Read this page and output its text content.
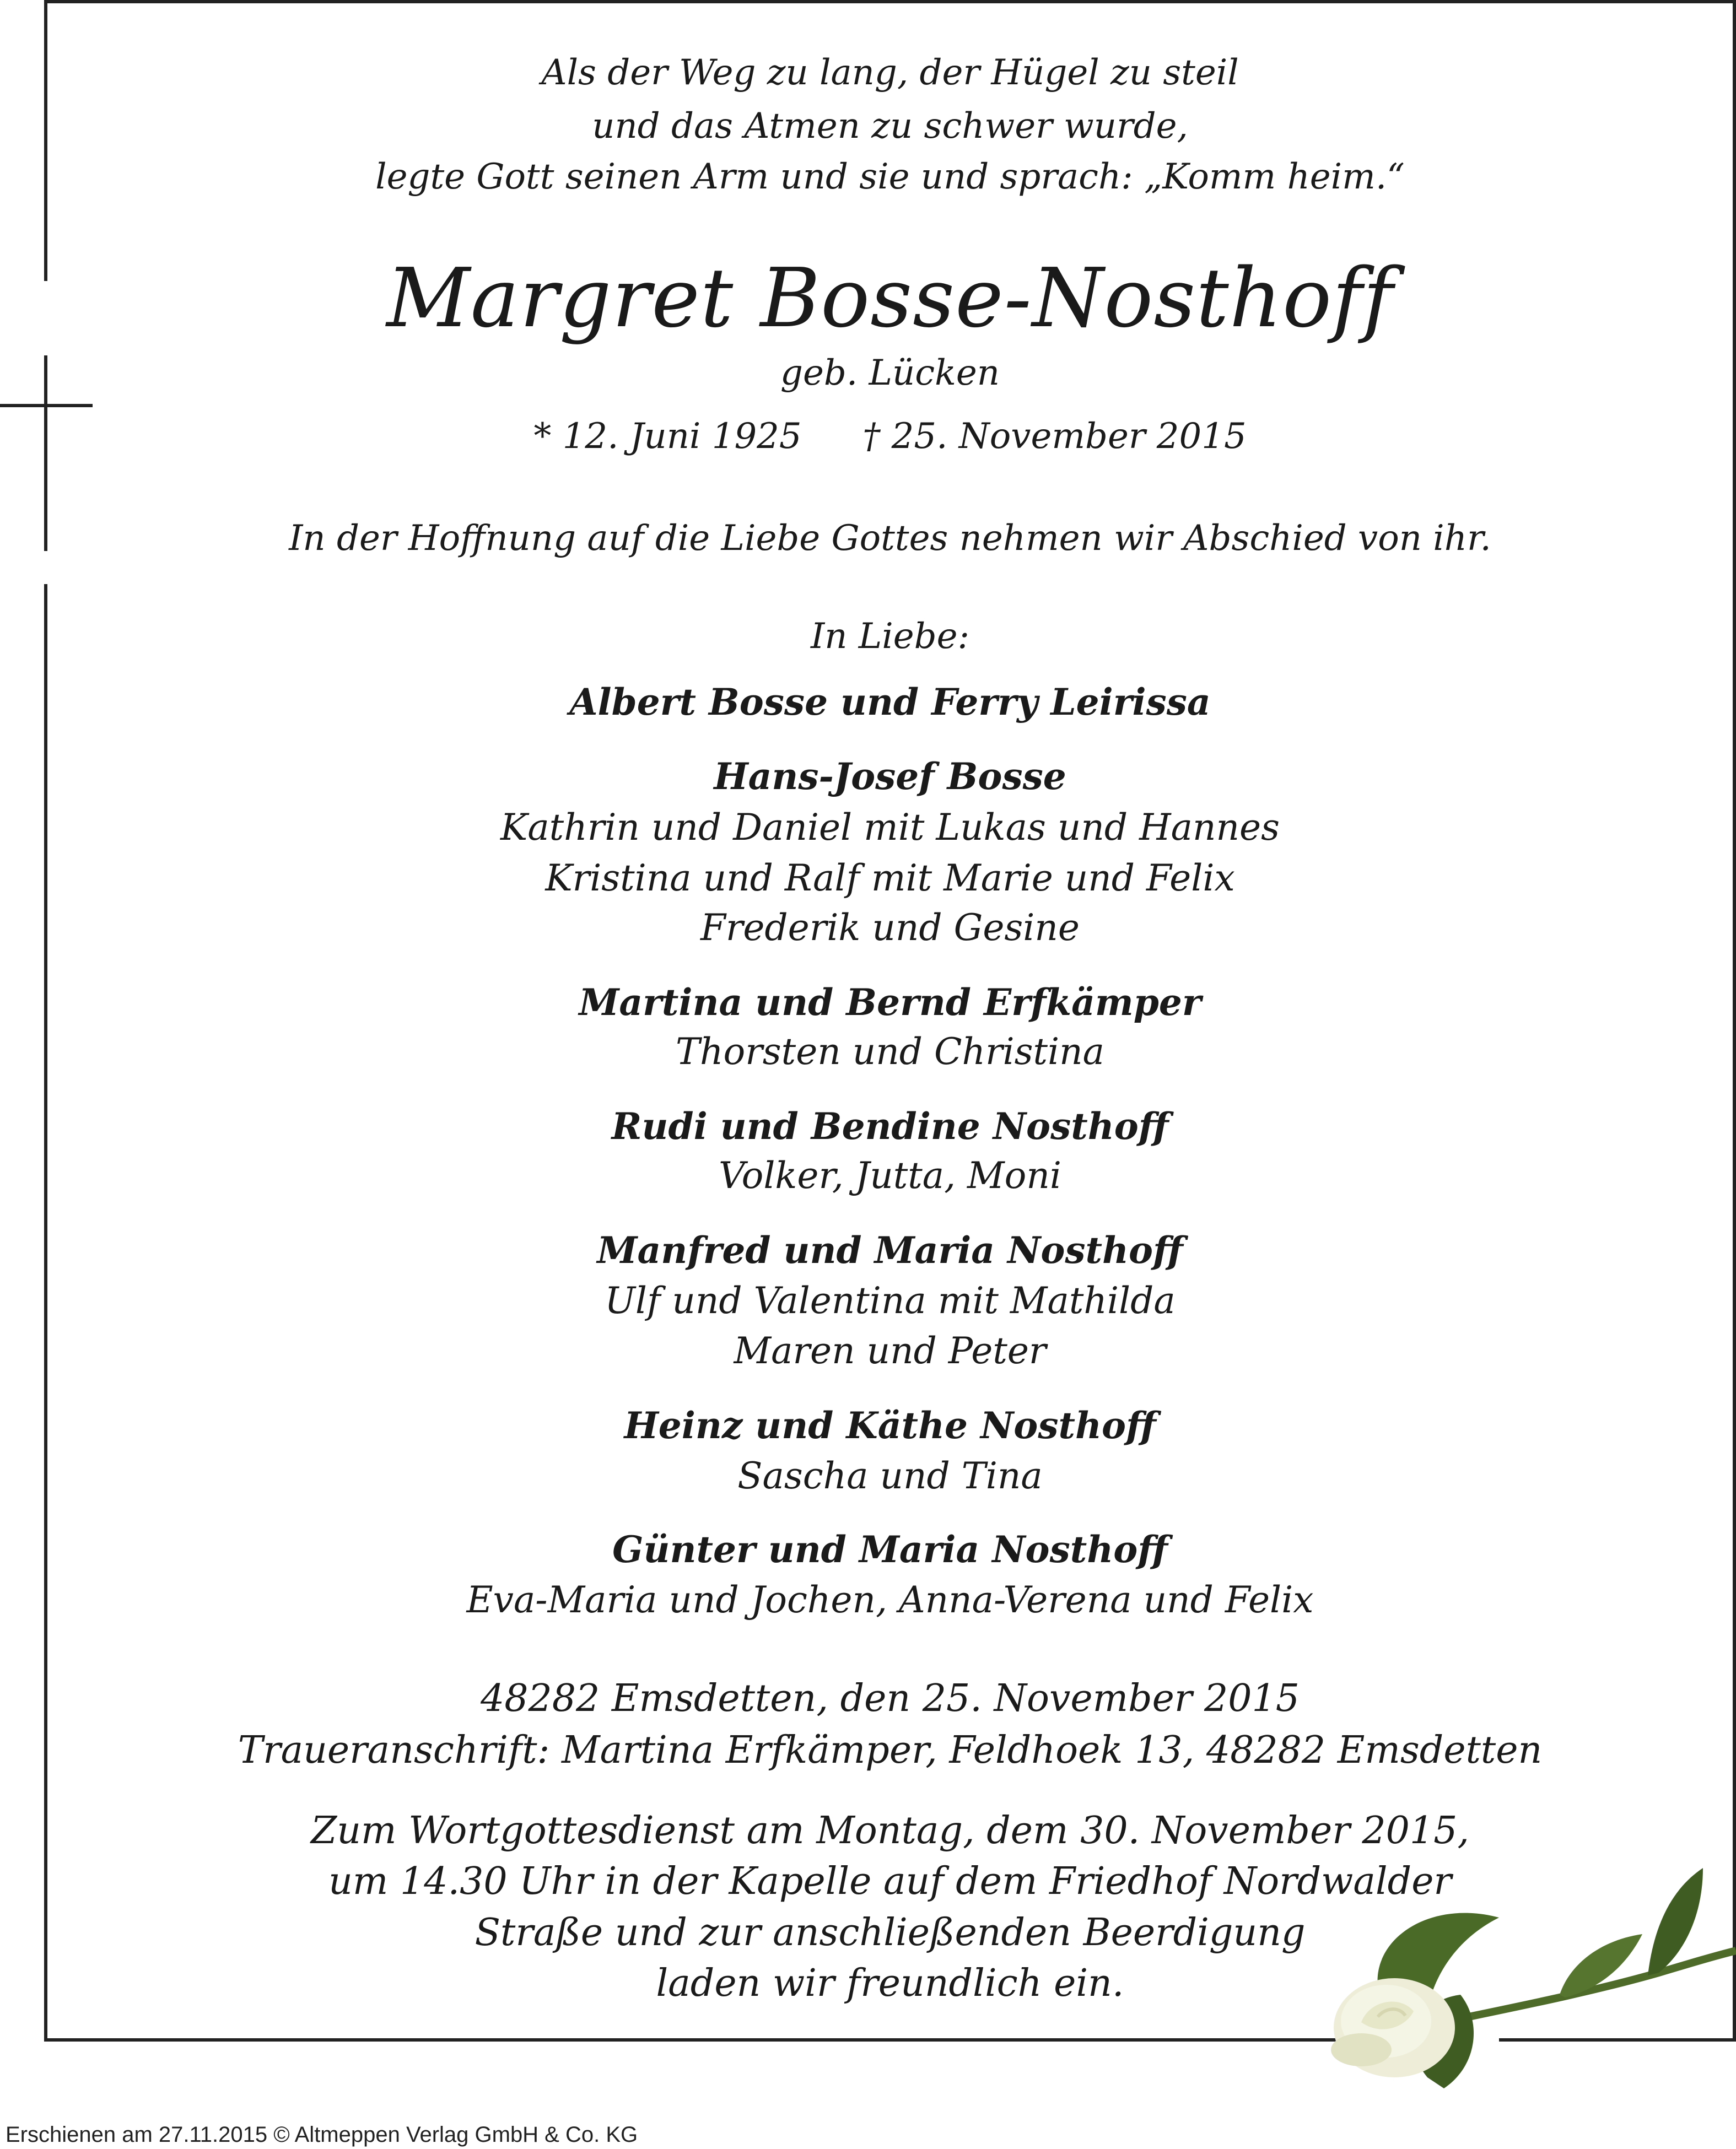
Als der Weg zu lang, der Hügel zu steil

und das Atmen zu schwer wurde,

legte Gott seinen Arm und sie und sprach: „Komm heim.“

Margret Bosse-Nosthoff

geb. Lücken

* 12. Juni 1925 † 25. November 2015

In der Hoffnung auf die Liebe Gottes nehmen wir Abschied von ihr.

In Liebe:

Albert Bosse und Ferry Leirissa

Hans-Josef Bosse

Kathrin und Daniel mit Lukas und Hannes

Kristina und Ralf mit Marie und Felix

Frederik und Gesine

Martina und Bernd Erfkämper

Thorsten und Christina

Rudi und Bendine Nosthoff

Volker, Jutta, Moni

Manfred und Maria Nosthoff

Ulf und Valentina mit Mathilda

Maren und Peter

Heinz und Käthe Nosthoff

Sascha und Tina

Günter und Maria Nosthoff

Eva-Maria und Jochen, Anna-Verena und Felix

48282 Emsdetten, den 25. November 2015

Traueranschrift: Martina Erfkämper, Feldhoek 13, 48282 Emsdetten

Zum Wortgottesdienst am Montag, dem 30. November 2015,

um 14.30 Uhr in der Kapelle auf dem Friedhof Nordwalder

Straße und zur anschließenden Beerdigung

laden wir freundlich ein.

Erschienen am 27.11.2015 © Altmeppen Verlag GmbH & Co. KG
